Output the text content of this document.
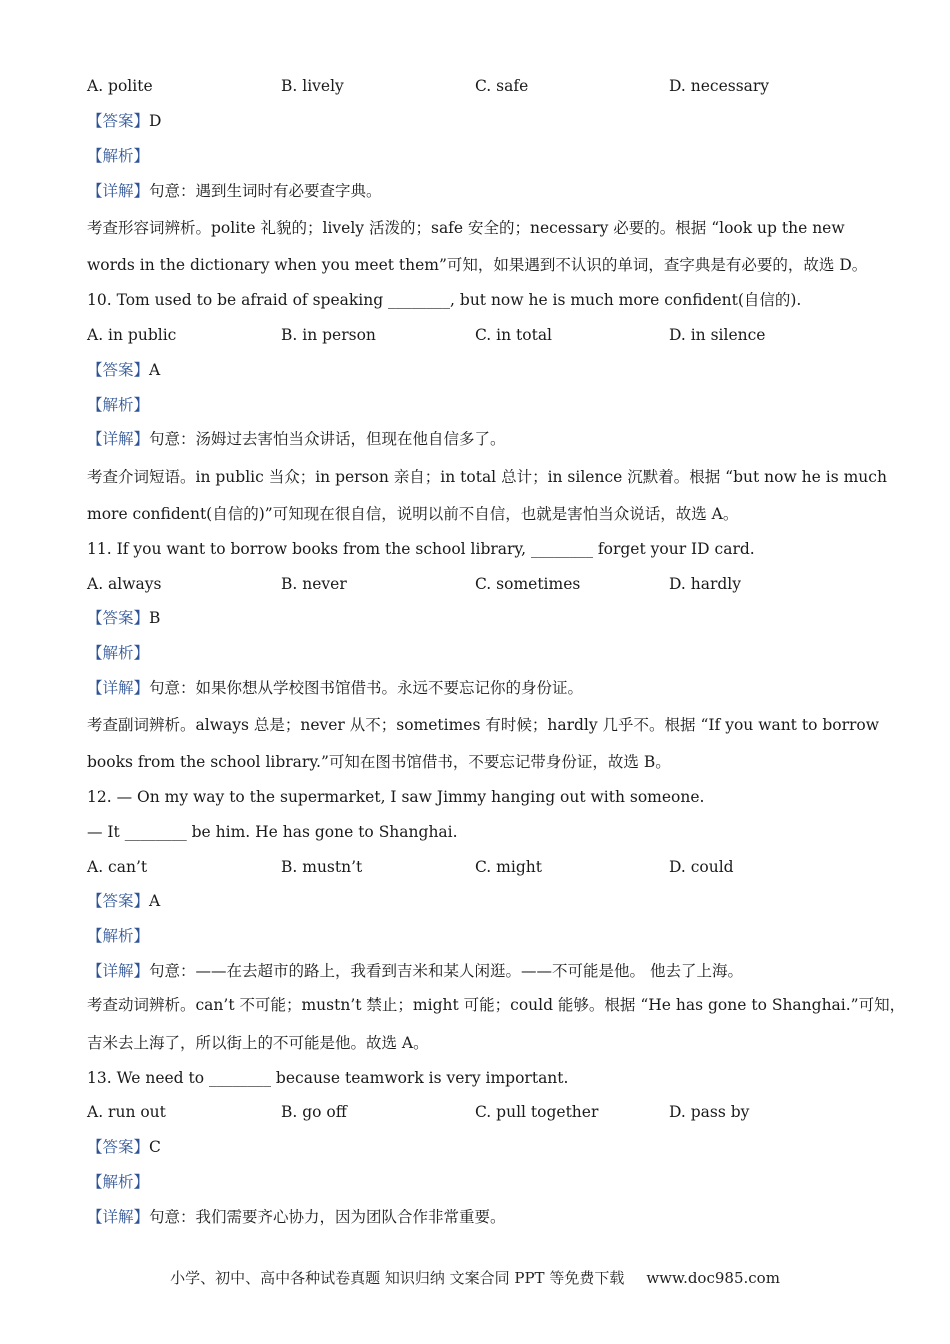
A. polite	B. lively	C. safe	D. necessary
【答案】D
【解析】
【详解】句意：遇到生词时有必要查字典。
考查形容词辨析。polite 礼貌的；lively 活泼的；safe 安全的；necessary 必要的。根据 “look up the new
words in the dictionary when you meet them”可知，如果遇到不认识的单词，查字典是有必要的，故选 D。
10. Tom used to be afraid of speaking ________, but now he is much more confident(自信的).
A. in public	B. in person	C. in total	D. in silence
【答案】A
【解析】
【详解】句意：汤姆过去害怕当众讲话，但现在他自信多了。
考查介词短语。in public 当众；in person 亲自；in total 总计；in silence 沉默着。根据 “but now he is much
more confident(自信的)”可知现在很自信，说明以前不自信，也就是害怕当众说话，故选 A。
11. If you want to borrow books from the school library, ________ forget your ID card.
A. always	B. never	C. sometimes	D. hardly
【答案】B
【解析】
【详解】句意：如果你想从学校图书馆借书。永远不要忘记你的身份证。
考查副词辨析。always 总是；never 从不；sometimes 有时候；hardly 几乎不。根据 “If you want to borrow
books from the school library.”可知在图书馆借书，不要忘记带身份证，故选 B。
12. — On my way to the supermarket, I saw Jimmy hanging out with someone.
— It ________ be him. He has gone to Shanghai.
A. can’t	B. mustn’t	C. might	D. could
【答案】A
【解析】
【详解】句意：——在去超市的路上，我看到吉米和某人闲逛。——不可能是他。 他去了上海。
考查动词辨析。can’t 不可能；mustn’t 禁止；might 可能；could 能够。根据 “He has gone to Shanghai.”可知，
吉米去上海了，所以街上的不可能是他。故选 A。
13. We need to ________ because teamwork is very important.
A. run out	B. go off	C. pull together	D. pass by
【答案】C
【解析】
【详解】句意：我们需要齐心协力，因为团队合作非常重要。
小学、初中、高中各种试卷真题 知识归纳 文案合同 PPT 等免费下载 www.doc985.com
